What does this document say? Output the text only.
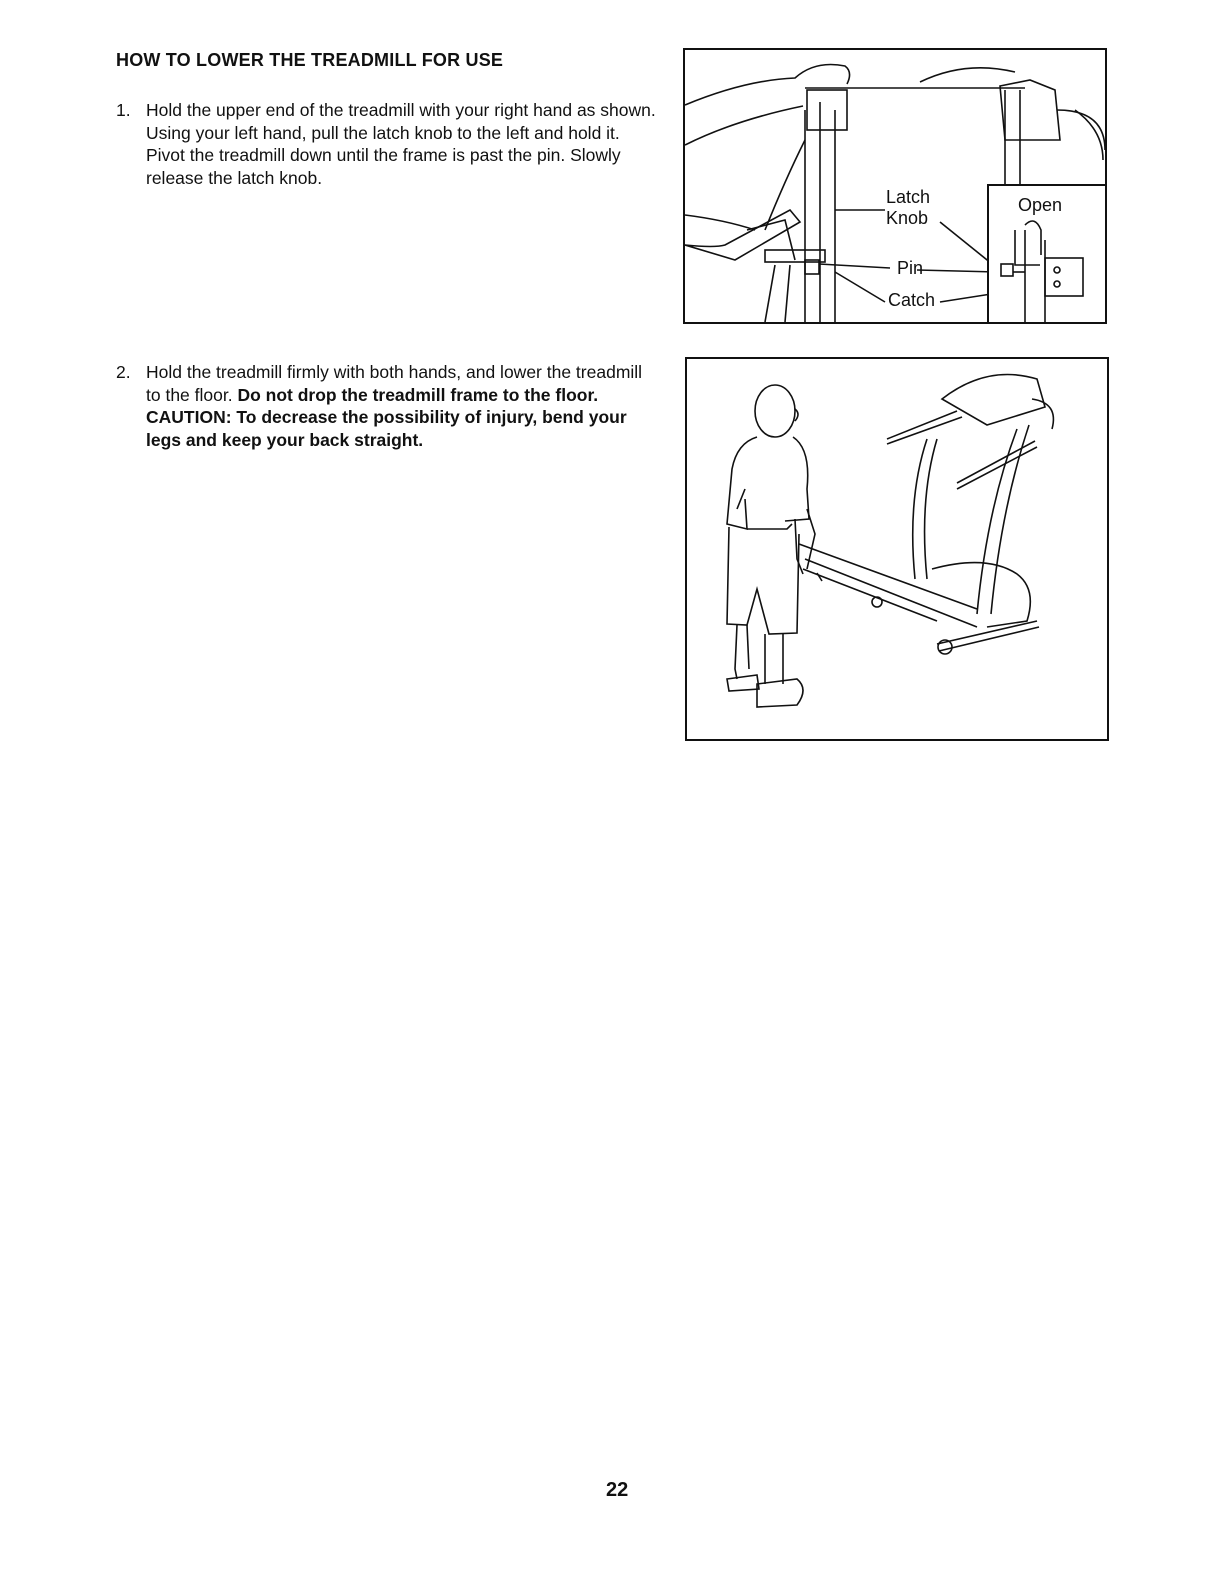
HOW TO LOWER THE TREADMILL FOR USE
1. Hold the upper end of the treadmill with your right hand as shown. Using your left hand, pull the latch knob to the left and hold it. Pivot the treadmill down until the frame is past the pin. Slowly release the latch knob.
2. Hold the treadmill firmly with both hands, and lower the treadmill to the floor. Do not drop the treadmill frame to the floor. CAUTION: To decrease the possibility of injury, bend your legs and keep your back straight.
Latch
Knob
Pin
Catch
Open
22
